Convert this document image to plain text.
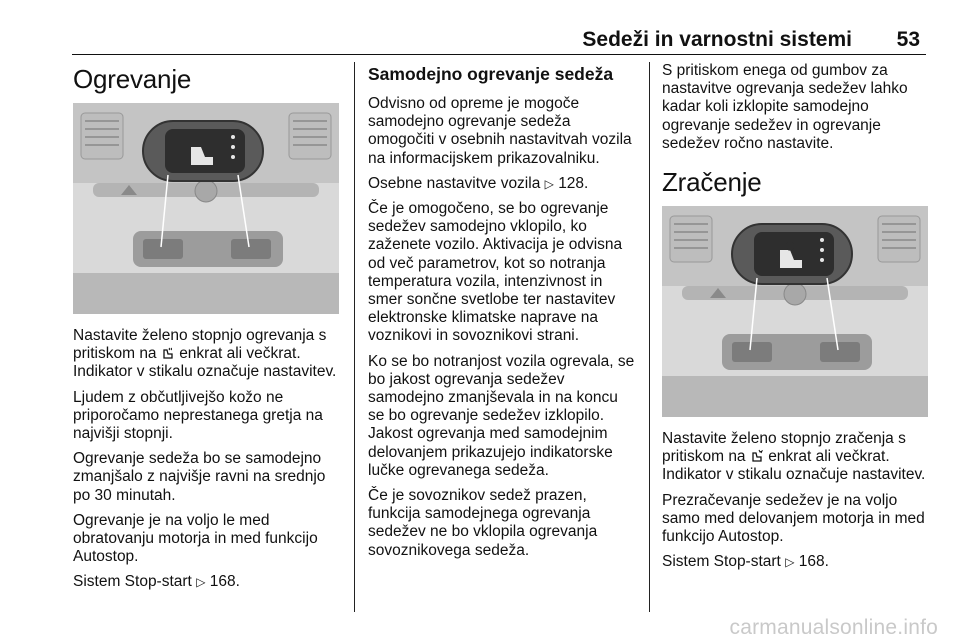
Sedeži in varnostni sistemi 53
Ogrevanje

Nastavite želeno stopnjo ogrevanja s pritiskom na enkrat ali večkrat. Indikator v stikalu označuje nastavitev.

Ljudem z občutljivejšo kožo ne priporočamo neprestanega gretja na najvišji stopnji.

Ogrevanje sedeža bo se samodejno zmanjšalo z najvišje ravni na srednjo po 30 minutah.

Ogrevanje je na voljo le med obratovanju motorja in med funkcijo Autostop.

Sistem Stop-start ▷ 168.

Samodejno ogrevanje sedeža

Odvisno od opreme je mogoče samodejno ogrevanje sedeža omogočiti v osebnih nastavitvah vozila na informacijskem prikazovalniku.

Osebne nastavitve vozila ▷ 128.

Če je omogočeno, se bo ogrevanje sedežev samodejno vklopilo, ko zaženete vozilo. Aktivacija je odvisna od več parametrov, kot so notranja temperatura vozila, intenzivnost in smer sončne svetlobe ter nastavitev elektronske klimatske naprave na voznikovi in sovoznikovi strani.

Ko se bo notranjost vozila ogrevala, se bo jakost ogrevanja sedežev samodejno zmanjševala in na koncu se bo ogrevanje sedežev izklopilo. Jakost ogrevanja med samodejnim delovanjem prikazujejo indikatorske lučke ogrevanega sedeža.

Če je sovoznikov sedež prazen, funkcija samodejnega ogrevanja sedežev ne bo vklopila ogrevanja sovoznikovega sedeža.

S pritiskom enega od gumbov za nastavitve ogrevanja sedežev lahko kadar koli izklopite samodejno ogrevanje sedežev in ogrevanje sedežev ročno nastavite.

Zračenje

Nastavite želeno stopnjo zračenja s pritiskom na enkrat ali večkrat. Indikator v stikalu označuje nastavitev.

Prezračevanje sedežev je na voljo samo med delovanjem motorja in med funkcijo Autostop.

Sistem Stop-start ▷ 168.

carmanualsonline.info
